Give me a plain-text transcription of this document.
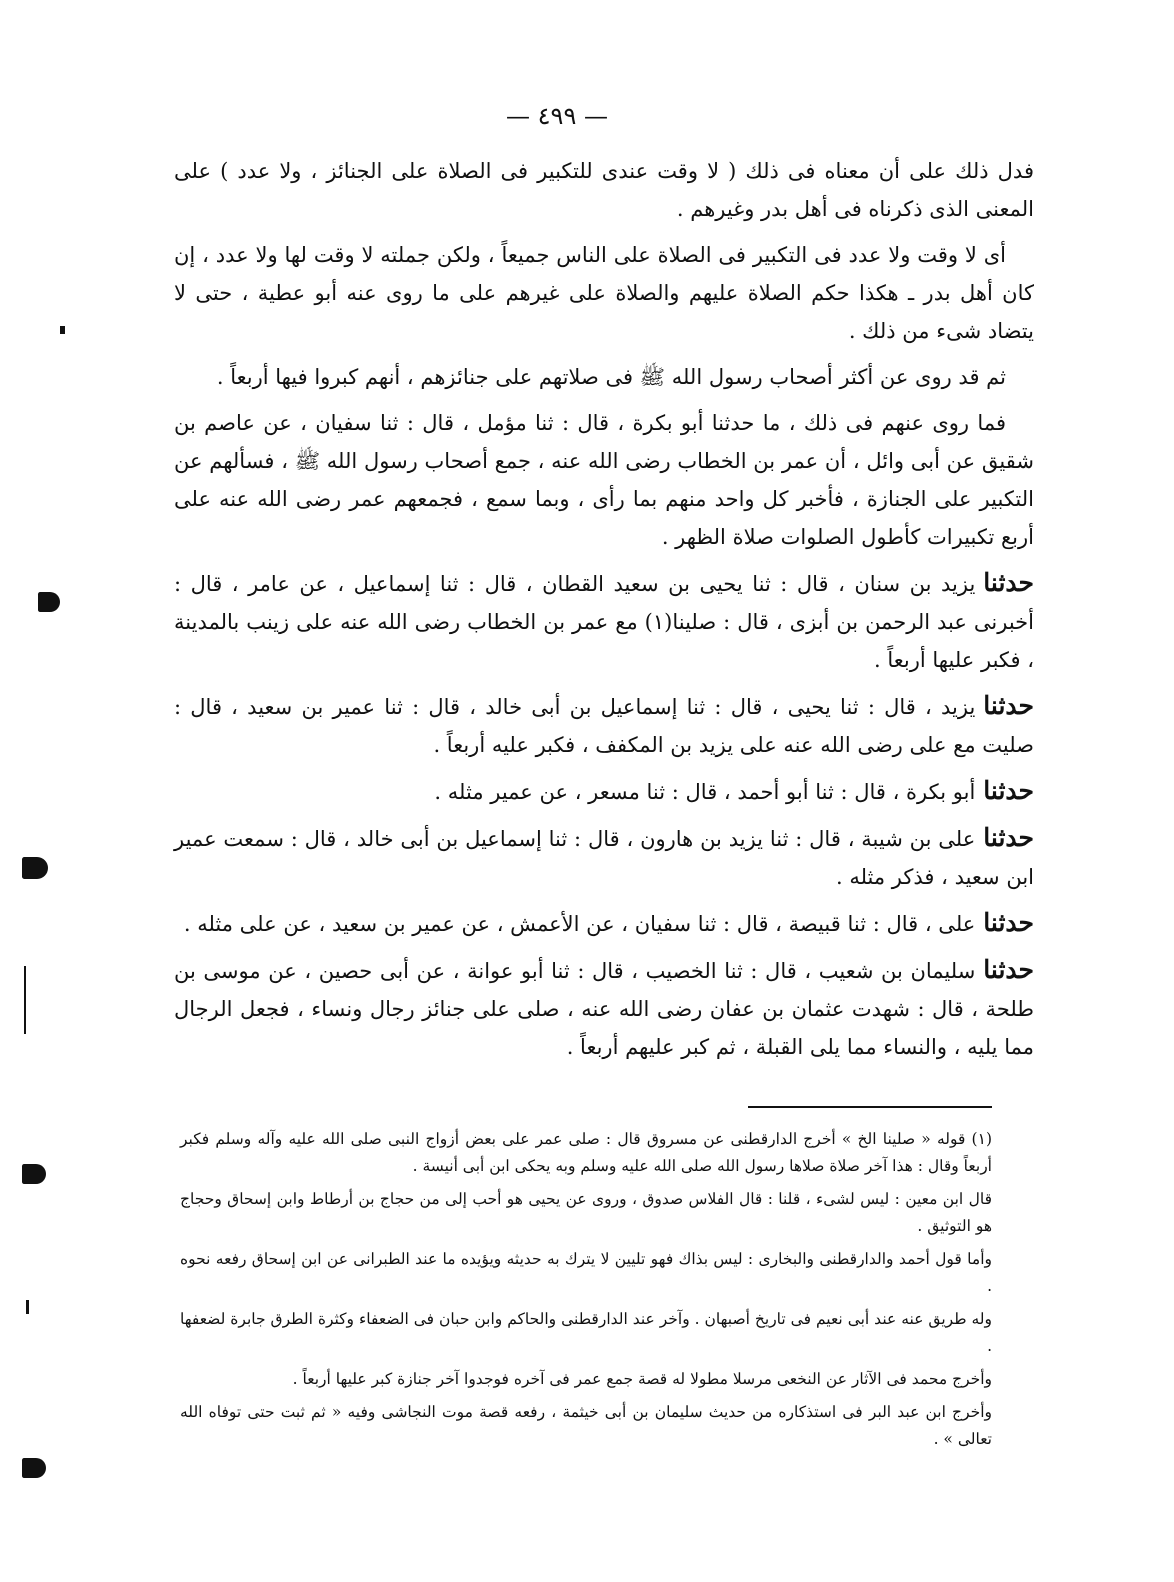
— ٤٩٩ —

فدل ذلك على أن معناه فى ذلك ( لا وقت عندى للتكبير فى الصلاة على الجنائز ، ولا عدد ) على المعنى الذى ذكرناه فى أهل بدر وغيرهم .

أى لا وقت ولا عدد فى التكبير فى الصلاة على الناس جميعاً ، ولكن جملته لا وقت لها ولا عدد ، إن كان أهل بدر ـ هكذا حكم الصلاة عليهم والصلاة على غيرهم على ما روى عنه أبو عطية ، حتى لا يتضاد شىء من ذلك .

ثم قد روى عن أكثر أصحاب رسول الله ﷺ فى صلاتهم على جنائزهم ، أنهم كبروا فيها أربعاً .

فما روى عنهم فى ذلك ، ما حدثنا أبو بكرة ، قال : ثنا مؤمل ، قال : ثنا سفيان ، عن عاصم بن شقيق عن أبى وائل ، أن عمر بن الخطاب رضى الله عنه ، جمع أصحاب رسول الله ﷺ ، فسألهم عن التكبير على الجنازة ، فأخبر كل واحد منهم بما رأى ، وبما سمع ، فجمعهم عمر رضى الله عنه على أربع تكبيرات كأطول الصلوات صلاة الظهر .

حدثنايزيد بن سنان ، قال : ثنا يحيى بن سعيد القطان ، قال : ثنا إسماعيل ، عن عامر ، قال : أخبرنى عبد الرحمن بن أبزى ، قال : صلينا(١) مع عمر بن الخطاب رضى الله عنه على زينب بالمدينة ، فكبر عليها أربعاً .

حدثنايزيد ، قال : ثنا يحيى ، قال : ثنا إسماعيل بن أبى خالد ، قال : ثنا عمير بن سعيد ، قال : صليت مع على رضى الله عنه على يزيد بن المكفف ، فكبر عليه أربعاً .

حدثناأبو بكرة ، قال : ثنا أبو أحمد ، قال : ثنا مسعر ، عن عمير مثله .

حدثناعلى بن شيبة ، قال : ثنا يزيد بن هارون ، قال : ثنا إسماعيل بن أبى خالد ، قال : سمعت عمير ابن سعيد ، فذكر مثله .

حدثناعلى ، قال : ثنا قبيصة ، قال : ثنا سفيان ، عن الأعمش ، عن عمير بن سعيد ، عن على مثله .

حدثناسليمان بن شعيب ، قال : ثنا الخصيب ، قال : ثنا أبو عوانة ، عن أبى حصين ، عن موسى بن طلحة ، قال : شهدت عثمان بن عفان رضى الله عنه ، صلى على جنائز رجال ونساء ، فجعل الرجال مما يليه ، والنساء مما يلى القبلة ، ثم كبر عليهم أربعاً .

(١) قوله « صلينا الخ » أخرج الدارقطنى عن مسروق قال : صلى عمر على بعض أزواج النبى صلى الله عليه وآله وسلم فكبر أربعاً وقال : هذا آخر صلاة صلاها رسول الله صلى الله عليه وسلم وبه يحكى ابن أبى أنيسة .

قال ابن معين : ليس لشىء ، قلنا : قال الفلاس صدوق ، وروى عن يحيى هو أحب إلى من حجاج بن أرطاط وابن إسحاق وحجاج هو التوثيق .

وأما قول أحمد والدارقطنى والبخارى : ليس بذاك فهو تليين لا يترك به حديثه ويؤيده ما عند الطبرانى عن ابن إسحاق رفعه نحوه .

وله طريق عنه عند أبى نعيم فى تاريخ أصبهان . وآخر عند الدارقطنى والحاكم وابن حبان فى الضعفاء وكثرة الطرق جابرة لضعفها .

وأخرج محمد فى الآثار عن النخعى مرسلا مطولا له قصة جمع عمر فى آخره فوجدوا آخر جنازة كبر عليها أربعاً .

وأخرج ابن عبد البر فى استذكاره من حديث سليمان بن أبى خيثمة ، رفعه قصة موت النجاشى وفيه « ثم ثبت حتى توفاه الله تعالى » .
